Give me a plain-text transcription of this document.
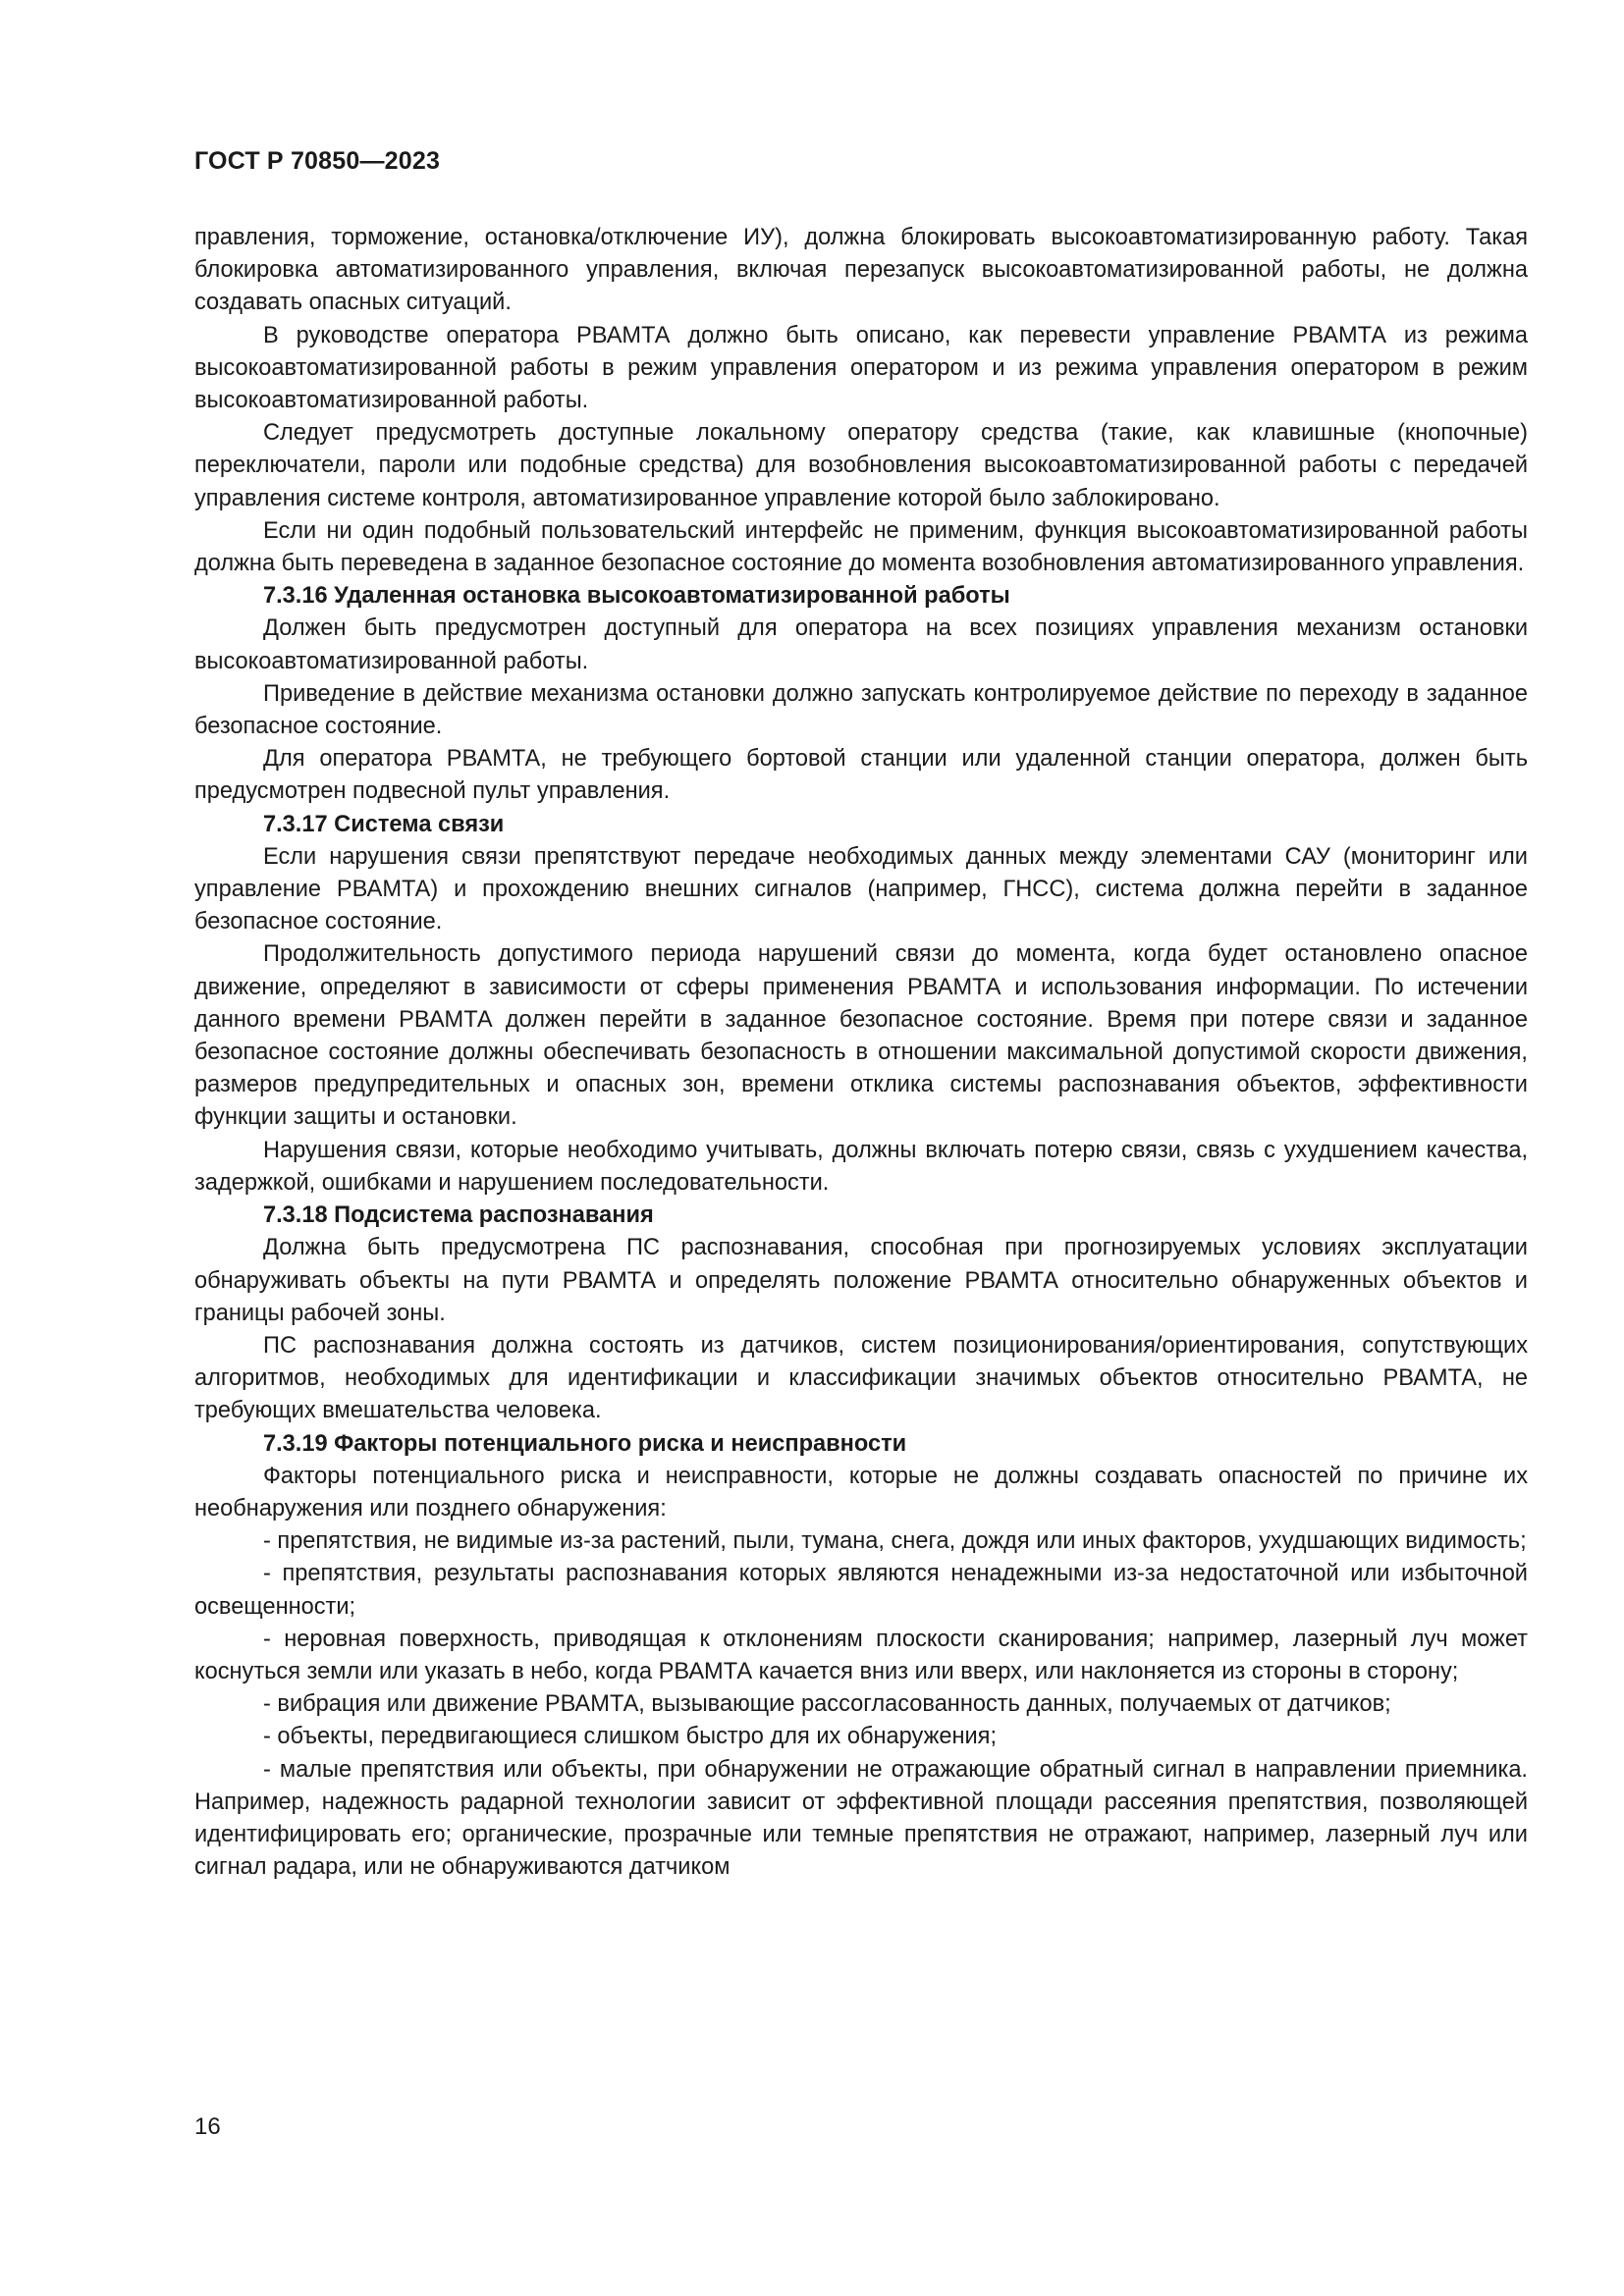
ГОСТ Р 70850—2023

правления, торможение, остановка/отключение ИУ), должна блокировать высокоавтоматизированную работу. Такая блокировка автоматизированного управления, включая перезапуск высокоавтоматизированной работы, не должна создавать опасных ситуаций.

В руководстве оператора РВАМТА должно быть описано, как перевести управление РВАМТА из режима высокоавтоматизированной работы в режим управления оператором и из режима управления оператором в режим высокоавтоматизированной работы.

Следует предусмотреть доступные локальному оператору средства (такие, как клавишные (кнопочные) переключатели, пароли или подобные средства) для возобновления высокоавтоматизированной работы с передачей управления системе контроля, автоматизированное управление которой было заблокировано.

Если ни один подобный пользовательский интерфейс не применим, функция высокоавтоматизированной работы должна быть переведена в заданное безопасное состояние до момента возобновления автоматизированного управления.

7.3.16 Удаленная остановка высокоавтоматизированной работы

Должен быть предусмотрен доступный для оператора на всех позициях управления механизм остановки высокоавтоматизированной работы.

Приведение в действие механизма остановки должно запускать контролируемое действие по переходу в заданное безопасное состояние.

Для оператора РВАМТА, не требующего бортовой станции или удаленной станции оператора, должен быть предусмотрен подвесной пульт управления.

7.3.17 Система связи

Если нарушения связи препятствуют передаче необходимых данных между элементами САУ (мониторинг или управление РВАМТА) и прохождению внешних сигналов (например, ГНСС), система должна перейти в заданное безопасное состояние.

Продолжительность допустимого периода нарушений связи до момента, когда будет остановлено опасное движение, определяют в зависимости от сферы применения РВАМТА и использования информации. По истечении данного времени РВАМТА должен перейти в заданное безопасное состояние. Время при потере связи и заданное безопасное состояние должны обеспечивать безопасность в отношении максимальной допустимой скорости движения, размеров предупредительных и опасных зон, времени отклика системы распознавания объектов, эффективности функции защиты и остановки.

Нарушения связи, которые необходимо учитывать, должны включать потерю связи, связь с ухудшением качества, задержкой, ошибками и нарушением последовательности.

7.3.18 Подсистема распознавания

Должна быть предусмотрена ПС распознавания, способная при прогнозируемых условиях эксплуатации обнаруживать объекты на пути РВАМТА и определять положение РВАМТА относительно обнаруженных объектов и границы рабочей зоны.

ПС распознавания должна состоять из датчиков, систем позиционирования/ориентирования, сопутствующих алгоритмов, необходимых для идентификации и классификации значимых объектов относительно РВАМТА, не требующих вмешательства человека.

7.3.19 Факторы потенциального риска и неисправности

Факторы потенциального риска и неисправности, которые не должны создавать опасностей по причине их необнаружения или позднего обнаружения:

- препятствия, не видимые из-за растений, пыли, тумана, снега, дождя или иных факторов, ухудшающих видимость;

- препятствия, результаты распознавания которых являются ненадежными из-за недостаточной или избыточной освещенности;

- неровная поверхность, приводящая к отклонениям плоскости сканирования; например, лазерный луч может коснуться земли или указать в небо, когда РВАМТА качается вниз или вверх, или наклоняется из стороны в сторону;

- вибрация или движение РВАМТА, вызывающие рассогласованность данных, получаемых от датчиков;

- объекты, передвигающиеся слишком быстро для их обнаружения;

- малые препятствия или объекты, при обнаружении не отражающие обратный сигнал в направлении приемника. Например, надежность радарной технологии зависит от эффективной площади рассеяния препятствия, позволяющей идентифицировать его; органические, прозрачные или темные препятствия не отражают, например, лазерный луч или сигнал радара, или не обнаруживаются датчиком

16
